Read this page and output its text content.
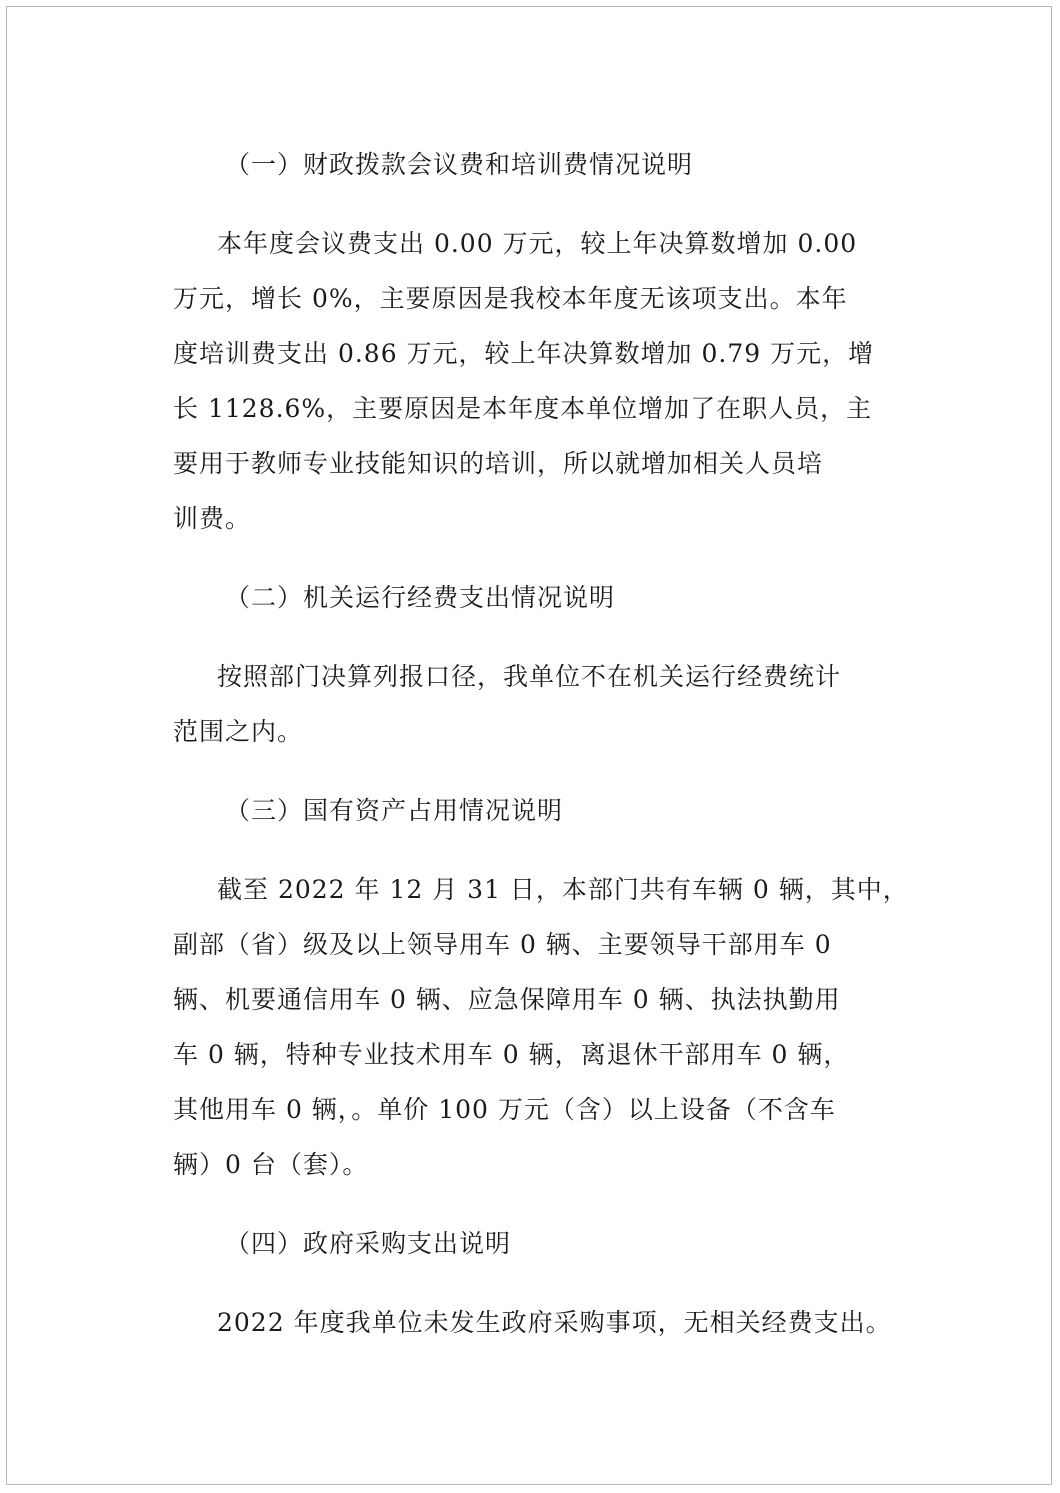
（一）财政拨款会议费和培训费情况说明
本年度会议费支出 0.00 万元，较上年决算数增加 0.00
万元，增长 0%，主要原因是我校本年度无该项支出。本年
度培训费支出 0.86 万元，较上年决算数增加 0.79 万元，增
长 1128.6%，主要原因是本年度本单位增加了在职人员，主
要用于教师专业技能知识的培训，所以就增加相关人员培
训费。
（二）机关运行经费支出情况说明
按照部门决算列报口径，我单位不在机关运行经费统计
范围之内。
（三）国有资产占用情况说明
截至 2022 年 12 月 31 日，本部门共有车辆 0 辆，其中，
副部（省）级及以上领导用车 0 辆、主要领导干部用车 0
辆、机要通信用车 0 辆、应急保障用车 0 辆、执法执勤用
车 0 辆，特种专业技术用车 0 辆，离退休干部用车 0 辆，
其他用车 0 辆，。单价 100 万元（含）以上设备（不含车
辆）0 台（套）。
（四）政府采购支出说明
2022 年度我单位未发生政府采购事项，无相关经费支出。
